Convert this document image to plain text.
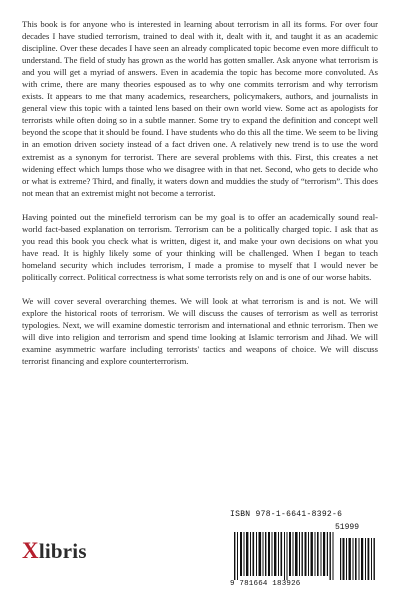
This book is for anyone who is interested in learning about terrorism in all its forms. For over four decades I have studied terrorism, trained to deal with it, dealt with it, and taught it as an academic discipline. Over these decades I have seen an already complicated topic become even more difficult to understand. The field of study has grown as the world has gotten smaller. Ask anyone what terrorism is and you will get a myriad of answers. Even in academia the topic has become more convoluted. As with crime, there are many theories espoused as to why one commits terrorism and why terrorism exists. It appears to me that many academics, researchers, policymakers, authors, and journalists in general view this topic with a tainted lens based on their own world view. Some act as apologists for terrorists while often doing so in a subtle manner. Some try to expand the definition and concept well beyond the scope that it should be found. I have students who do this all the time. We seem to be living in an emotion driven society instead of a fact driven one. A relatively new trend is to use the word extremist as a synonym for terrorist. There are several problems with this. First, this creates a net widening effect which lumps those who we disagree with in that net. Second, who gets to decide who or what is extreme? Third, and finally, it waters down and muddies the study of “terrorism”. This does not mean that an extremist might not become a terrorist.

Having pointed out the minefield terrorism can be my goal is to offer an academically sound real-world fact-based explanation on terrorism. Terrorism can be a politically charged topic. I ask that as you read this book you check what is written, digest it, and make your own decisions on what you have read. It is highly likely some of your thinking will be challenged. When I began to teach homeland security which includes terrorism, I made a promise to myself that I would never be politically correct. Political correctness is what some terrorists rely on and is one of our worse habits.

We will cover several overarching themes. We will look at what terrorism is and is not. We will explore the historical roots of terrorism. We will discuss the causes of terrorism as well as terrorist typologies. Next, we will examine domestic terrorism and international and ethnic terrorism. Then we will dive into religion and terrorism and spend time looking at Islamic terrorism and Jihad. We will examine asymmetric warfare including terrorists' tactics and weapons of choice. We will discuss terrorist financing and explore counterterrorism.

Xlibris
ISBN 978-1-6641-8392-6
51999
9 781664 183926
